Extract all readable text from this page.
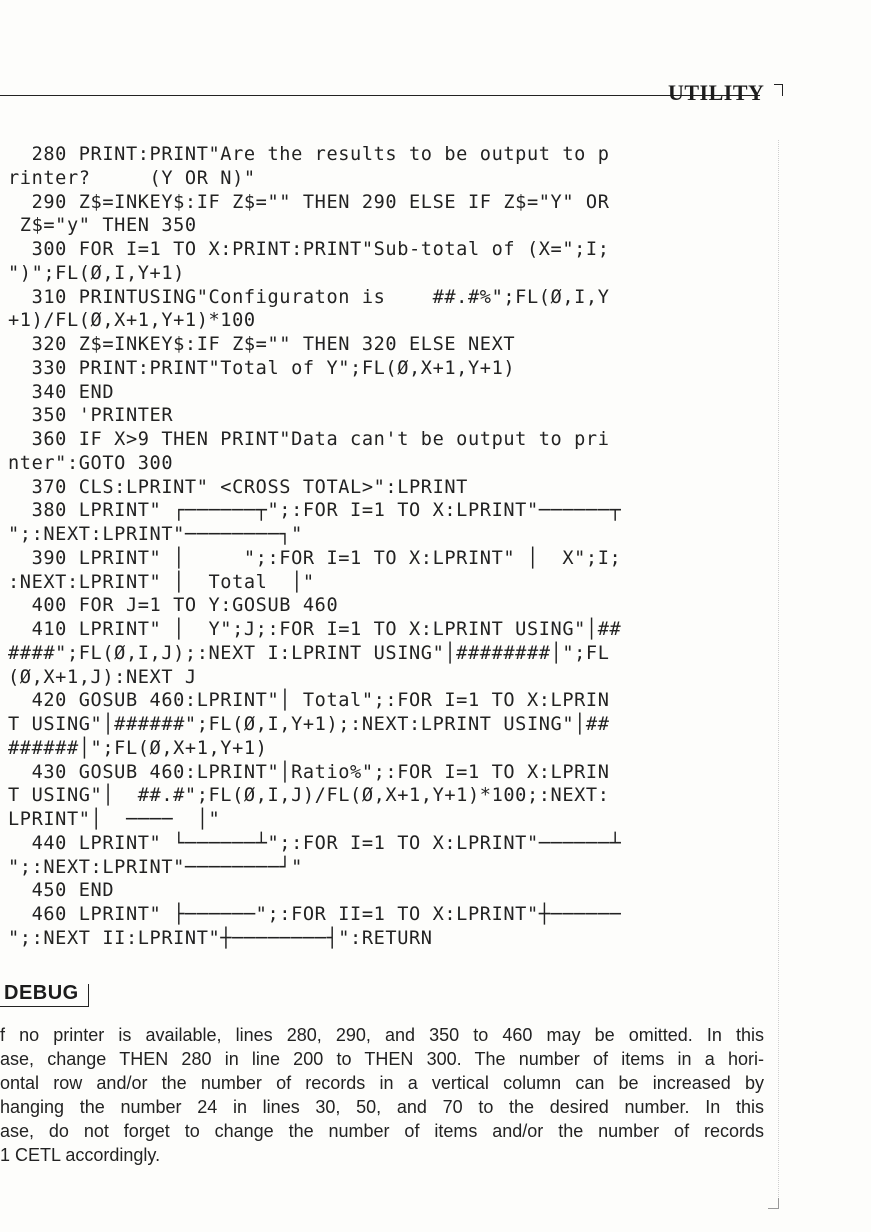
UTILITY
280 PRINT:PRINT"Are the results to be output to p
rinter?     (Y OR N)"
290 Z$=INKEY$:IF Z$="" THEN 290 ELSE IF Z$="Y" OR
Z$="y" THEN 350
300 FOR I=1 TO X:PRINT:PRINT"Sub-total of (X=";I;
")";FL(Ø,I,Y+1)
310 PRINTUSING"Configuraton is    ##.#%";FL(Ø,I,Y
+1)/FL(Ø,X+1,Y+1)*100
320 Z$=INKEY$:IF Z$="" THEN 320 ELSE NEXT
330 PRINT:PRINT"Total of Y";FL(Ø,X+1,Y+1)
340 END
350 'PRINTER
360 IF X>9 THEN PRINT"Data can't be output to pri
nter":GOTO 300
370 CLS:LPRINT" <CROSS TOTAL>":LPRINT
380 LPRINT" ┌──────┬";:FOR I=1 TO X:LPRINT"──────┬
";:NEXT:LPRINT"────────┐"
390 LPRINT" │     ";:FOR I=1 TO X:LPRINT" │  X";I;
:NEXT:LPRINT" │  Total  │"
400 FOR J=1 TO Y:GOSUB 460
410 LPRINT" │  Y";J;:FOR I=1 TO X:LPRINT USING"│##
####";FL(Ø,I,J);:NEXT I:LPRINT USING"│########│";FL
(Ø,X+1,J):NEXT J
420 GOSUB 460:LPRINT"│ Total";:FOR I=1 TO X:LPRIN
T USING"│######";FL(Ø,I,Y+1);:NEXT:LPRINT USING"│##
######│";FL(Ø,X+1,Y+1)
430 GOSUB 460:LPRINT"│Ratio%";:FOR I=1 TO X:LPRIN
T USING"│  ##.#";FL(Ø,I,J)/FL(Ø,X+1,Y+1)*100;:NEXT:
LPRINT"│  ────  │"
440 LPRINT" └──────┴";:FOR I=1 TO X:LPRINT"──────┴
";:NEXT:LPRINT"────────┘"
450 END
460 LPRINT" ├──────";:FOR II=1 TO X:LPRINT"┼──────
";:NEXT II:LPRINT"┼────────┤":RETURN
DEBUG
f no printer is available, lines 280, 290, and 350 to 460 may be omitted. In this
ase, change THEN 280 in line 200 to THEN 300. The number of items in a hori-
ontal row and/or the number of records in a vertical column can be increased by
hanging the number 24 in lines 30, 50, and 70 to the desired number. In this
ase, do not forget to change the number of items and/or the number of records
1 CETL accordingly.
